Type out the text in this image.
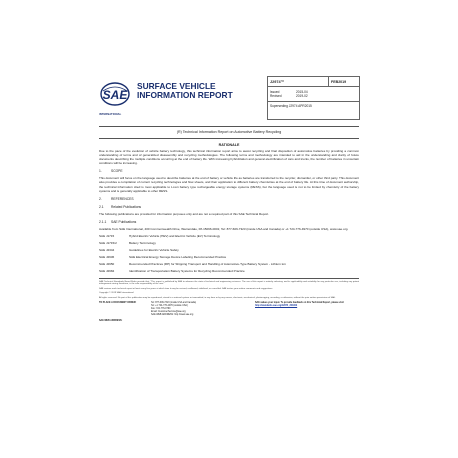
SAE
INTERNATIONAL
SURFACE VEHICLE INFORMATION REPORT
J2974™	FEB2019
Issued	2015-04
Revised	2019-02
Superseding J2974 APR2015
(R) Technical Information Report on Automotive Battery Recycling
RATIONALE

Due to the pace of the evolution of vehicle battery technology, this technical information report aims to assist recycling and final disposition of automotive batteries by providing a common understanding of terms and of generalized disassembly and recycling methodologies. The following terms and methodology are intended to aid in the understanding and clarity of future documents describing the multiple conditions occurring at the end of battery life. With increasing hybridization and general electrification of cars and trucks, the number of batteries in uncertain conditions will be increasing.

1.	SCOPE

This document will focus on the language used to describe batteries at the end of battery or vehicle life as batteries are transferred to the recycler, dismantler, or other third party. This document also provides a compilation of current recycling technologies and flow sheets, and their application to different battery chemistries at the end of battery life. At this time of document authorship, the technical information cited is most applicable to Li-ion battery type rechargeable energy storage systems (RESS), but the language used is not to be limited by chemistry of the battery systems and is generally applicable to other RESS.

2.	REFERENCES
2.1 Related Publications

The following publications are provided for information purposes only and are not a required part of this SAE Technical Report.

2.1.1 SAE Publications

Available from SAE International, 400 Commonwealth Drive, Warrendale, PA 15096-0001; Tel: 877-606-7323 (inside USA and Canada) or +1 724-776-4970 (outside USA), www.sae.org.

SAE J1715	Hybrid Electric Vehicle (HEV) and Electric Vehicle (EV) Terminology
SAE J1715/2	Battery Terminology
SAE J2344	Guidelines for Electric Vehicle Safety
SAE J2936	SAE Electrical Energy Storage Device Labeling Recommended Practice
SAE J2950	Recommended Practices (RP) for Shipping Transport and Handling of Automotive-Type Battery System - Lithium Ion
SAE J2984	Identification of Transportation Battery Systems for Recycling Recommended Practice
SAE Technical Standards Board Rules provide that: "This report is published by SAE to advance the state of technical and engineering sciences. The use of this report is entirely voluntary, and its applicability and suitability for any particular use, including any patent infringement arising therefrom, is the sole responsibility of the user."
SAE reviews each technical report at least every five years at which time it may be revised, reaffirmed, stabilized, or cancelled. SAE invites your written comments and suggestions.
Copyright © 2019 SAE International
All rights reserved. No part of this publication may be reproduced, stored in a retrieval system or transmitted, in any form or by any means, electronic, mechanical, photocopying, recording, or otherwise, without the prior written permission of SAE.
TO PLACE A DOCUMENT ORDER:	Tel: 877-606-7323 (inside USA and Canada)
Tel: +1 724-776-4970 (outside USA)
Fax: 724-776-0790
Email: CustomerService@sae.org
SAE WEB ADDRESS: http://www.sae.org
SAE values your input. To provide feedback on this Technical Report, please visit
http://standards.sae.org/J2974_201902
SAE WEB ADDRESS:
